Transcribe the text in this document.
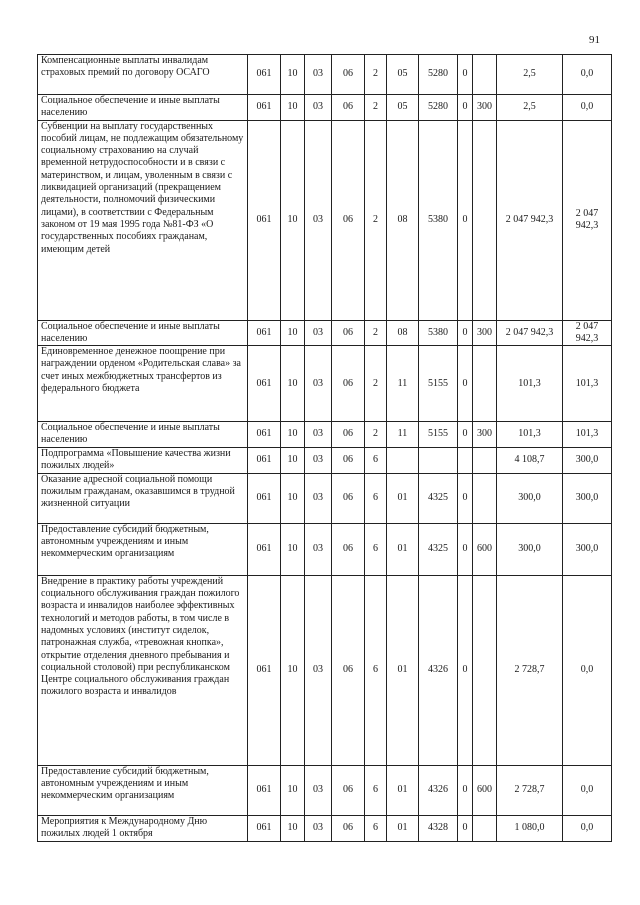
91
Компенсационные выплаты инвалидам страховых премий по договору ОСАГО	061	10	03	06	2	05	5280	0		2,5	0,0
Социальное обеспечение и иные выплаты населению	061	10	03	06	2	05	5280	0	300	2,5	0,0
Субвенции на выплату государственных пособий лицам, не подлежащим обязательному социальному страхованию на случай временной нетрудоспособности и в связи с материнством, и лицам, уволенным в связи с ликвидацией организаций (прекращением деятельности, полномочий физическими лицами), в соответствии с Федеральным законом от 19 мая 1995 года №81-ФЗ «О государственных пособиях гражданам, имеющим детей	061	10	03	06	2	08	5380	0		2 047 942,3	2 047 942,3
Социальное обеспечение и иные выплаты населению	061	10	03	06	2	08	5380	0	300	2 047 942,3	2 047 942,3
Единовременное денежное поощрение при награждении орденом «Родительская слава» за счет иных межбюджетных трансфертов из федерального бюджета	061	10	03	06	2	11	5155	0		101,3	101,3
Социальное обеспечение и иные выплаты населению	061	10	03	06	2	11	5155	0	300	101,3	101,3
Подпрограмма «Повышение качества жизни пожилых людей»	061	10	03	06	6					4 108,7	300,0
Оказание адресной социальной помощи пожилым гражданам, оказавшимся в трудной жизненной ситуации	061	10	03	06	6	01	4325	0		300,0	300,0
Предоставление субсидий бюджетным, автономным учреждениям и иным некоммерческим организациям	061	10	03	06	6	01	4325	0	600	300,0	300,0
Внедрение в практику работы учреждений социального обслуживания граждан пожилого возраста и инвалидов наиболее эффективных технологий и методов работы, в том числе в надомных условиях (институт сиделок, патронажная служба, «тревожная кнопка», открытие отделения дневного пребывания и социальной столовой) при республиканском Центре социального обслуживания граждан пожилого возраста и инвалидов	061	10	03	06	6	01	4326	0		2 728,7	0,0
Предоставление субсидий бюджетным, автономным учреждениям и иным некоммерческим организациям	061	10	03	06	6	01	4326	0	600	2 728,7	0,0
Мероприятия к Международному Дню пожилых людей 1 октября	061	10	03	06	6	01	4328	0		1 080,0	0,0
